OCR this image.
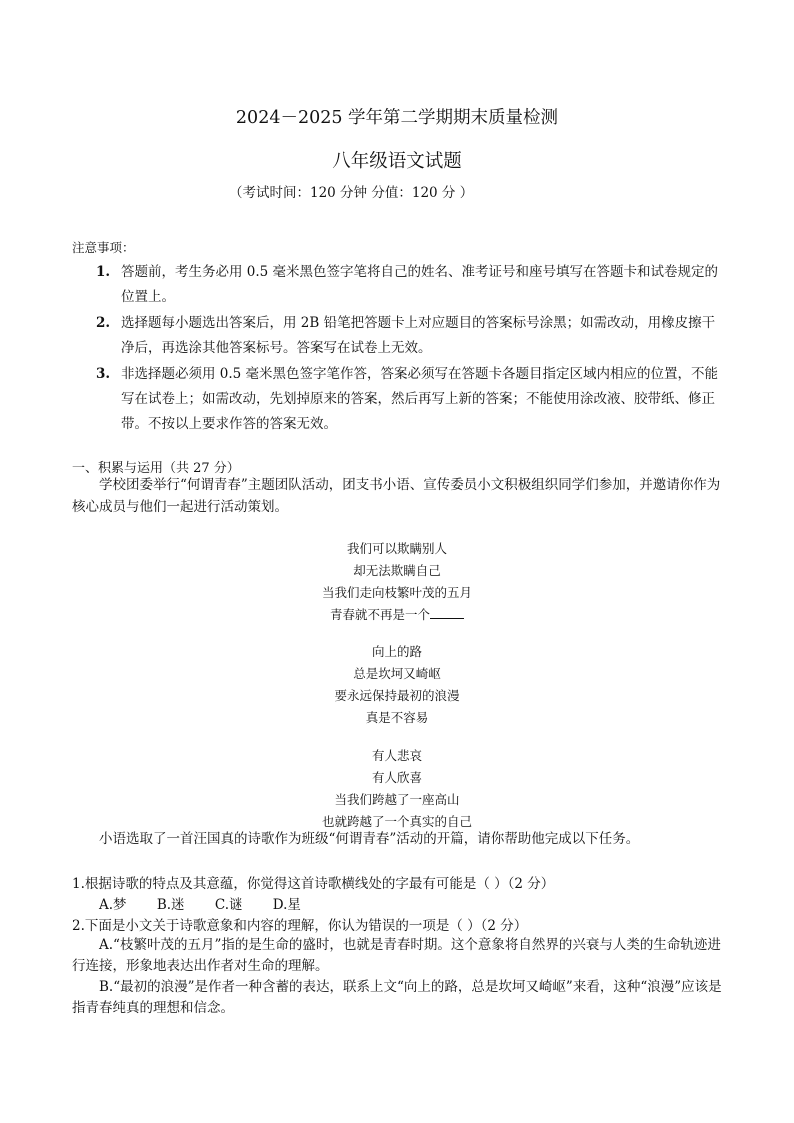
2024－2025 学年第二学期期末质量检测
八年级语文试题
（考试时间：120 分钟 分值：120 分 ）
注意事项：
1. 答题前，考生务必用 0.5 毫米黑色签字笔将自己的姓名、准考证号和座号填写在答题卡和试卷规定的位置上。
2. 选择题每小题选出答案后，用 2B 铅笔把答题卡上对应题目的答案标号涂黑；如需改动，用橡皮擦干净后，再选涂其他答案标号。答案写在试卷上无效。
3. 非选择题必须用 0.5 毫米黑色签字笔作答，答案必须写在答题卡各题目指定区域内相应的位置，不能写在试卷上；如需改动，先划掉原来的答案，然后再写上新的答案；不能使用涂改液、胶带纸、修正带。不按以上要求作答的答案无效。
一、积累与运用（共 27 分）
学校团委举行“何谓青春”主题团队活动，团支书小语、宣传委员小文积极组织同学们参加，并邀请你作为核心成员与他们一起进行活动策划。
我们可以欺瞒别人
却无法欺瞒自己
当我们走向枝繁叶茂的五月
青春就不再是一个
向上的路
总是坎坷又崎岖
要永远保持最初的浪漫
真是不容易
有人悲哀
有人欣喜
当我们跨越了一座高山
也就跨越了一个真实的自己
小语选取了一首汪国真的诗歌作为班级“何谓青春”活动的开篇，请你帮助他完成以下任务。
1.根据诗歌的特点及其意蕴，你觉得这首诗歌横线处的字最有可能是（ ）（2 分）
A.梦 B.迷 C.谜 D.星
2.下面是小文关于诗歌意象和内容的理解，你认为错误的一项是（ ）（2 分）
A.“枝繁叶茂的五月”指的是生命的盛时，也就是青春时期。这个意象将自然界的兴衰与人类的生命轨迹进行连接，形象地表达出作者对生命的理解。
B.“最初的浪漫”是作者一种含蓄的表达，联系上文“向上的路，总是坎坷又崎岖”来看，这种“浪漫”应该是指青春纯真的理想和信念。
